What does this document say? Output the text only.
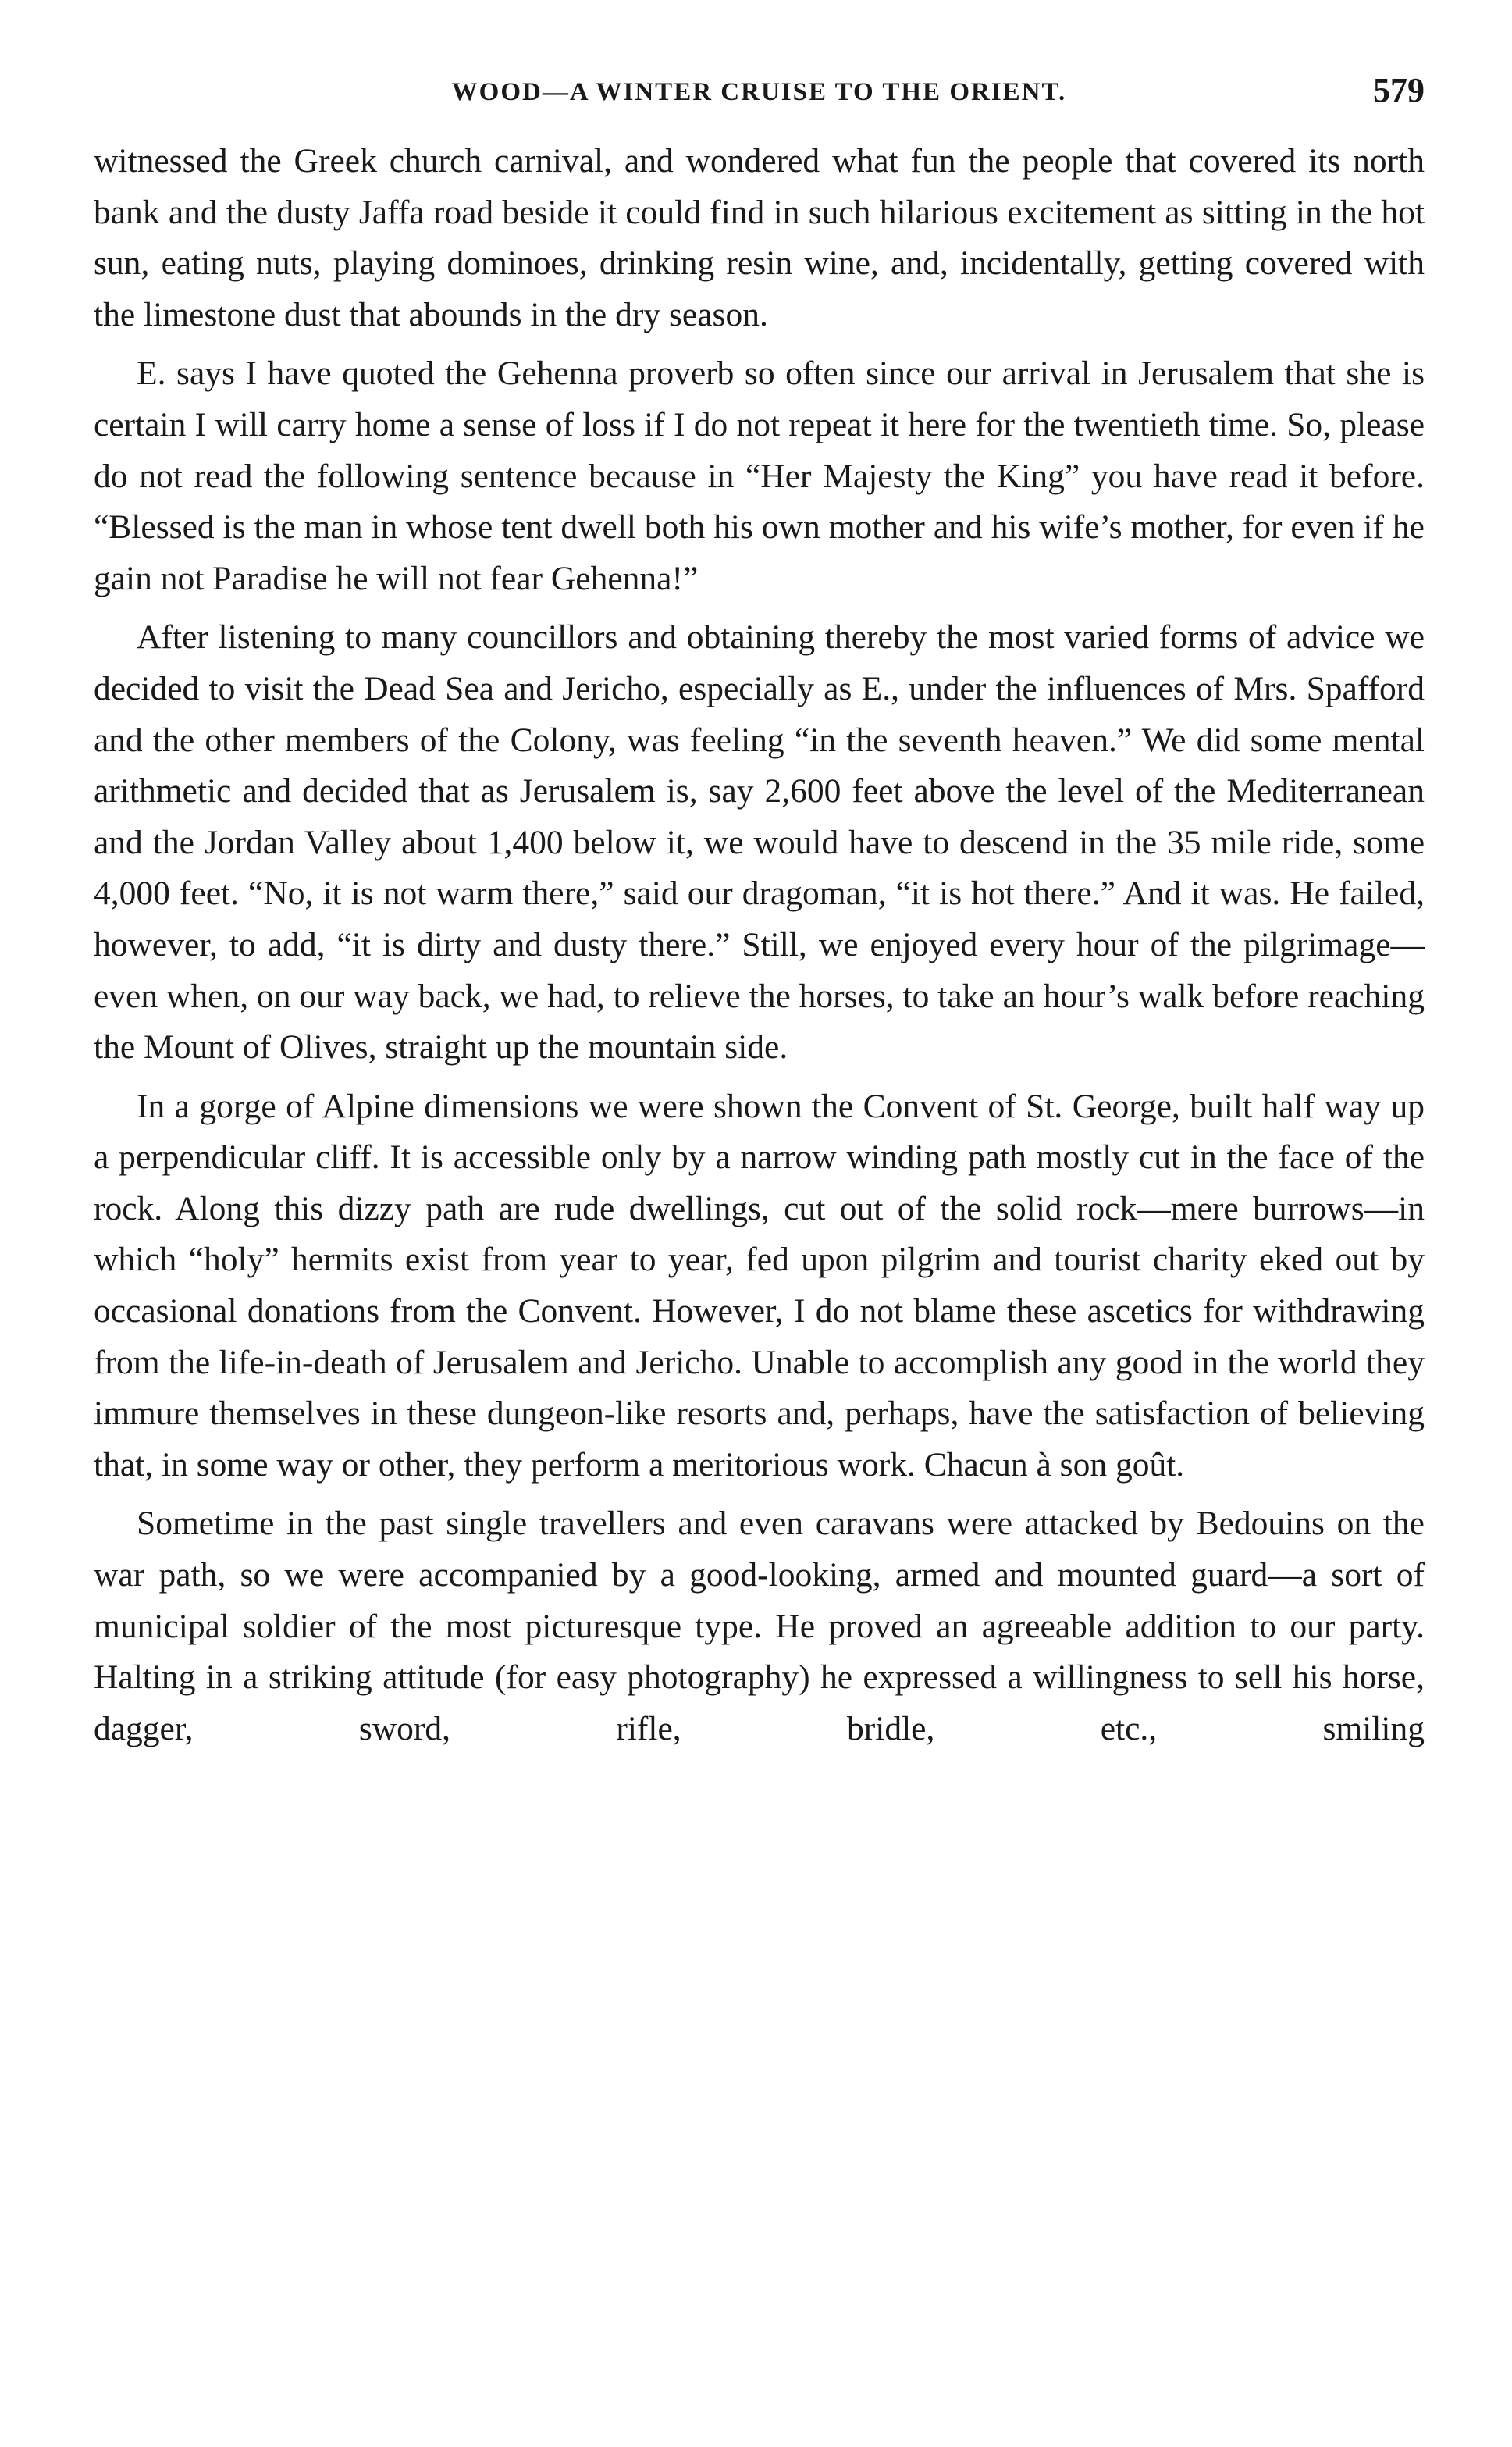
WOOD—A WINTER CRUISE TO THE ORIENT.	579

witnessed the Greek church carnival, and wondered what fun the people that covered its north bank and the dusty Jaffa road beside it could find in such hilarious excitement as sitting in the hot sun, eating nuts, playing dominoes, drinking resin wine, and, incidentally, getting covered with the limestone dust that abounds in the dry season.

E. says I have quoted the Gehenna proverb so often since our arrival in Jerusalem that she is certain I will carry home a sense of loss if I do not repeat it here for the twentieth time. So, please do not read the following sentence because in “Her Majesty the King” you have read it before. “Blessed is the man in whose tent dwell both his own mother and his wife’s mother, for even if he gain not Paradise he will not fear Gehenna!”

After listening to many councillors and obtaining thereby the most varied forms of advice we decided to visit the Dead Sea and Jericho, especially as E., under the influences of Mrs. Spafford and the other members of the Colony, was feeling “in the seventh heaven.” We did some mental arithmetic and decided that as Jerusalem is, say 2,600 feet above the level of the Mediterranean and the Jordan Valley about 1,400 below it, we would have to descend in the 35 mile ride, some 4,000 feet. “No, it is not warm there,” said our dragoman, “it is hot there.” And it was. He failed, however, to add, “it is dirty and dusty there.” Still, we enjoyed every hour of the pilgrimage—even when, on our way back, we had, to relieve the horses, to take an hour’s walk before reaching the Mount of Olives, straight up the mountain side.

In a gorge of Alpine dimensions we were shown the Convent of St. George, built half way up a perpendicular cliff. It is accessible only by a narrow winding path mostly cut in the face of the rock. Along this dizzy path are rude dwellings, cut out of the solid rock—mere burrows—in which “holy” hermits exist from year to year, fed upon pilgrim and tourist charity eked out by occasional donations from the Convent. However, I do not blame these ascetics for withdrawing from the life-in-death of Jerusalem and Jericho. Unable to accomplish any good in the world they immure themselves in these dungeon-like resorts and, perhaps, have the satisfaction of believing that, in some way or other, they perform a meritorious work. Chacun à son goût.

Sometime in the past single travellers and even caravans were attacked by Bedouins on the war path, so we were accompanied by a good-looking, armed and mounted guard—a sort of municipal soldier of the most picturesque type. He proved an agreeable addition to our party. Halting in a striking attitude (for easy photography) he expressed a willingness to sell his horse, dagger, sword, rifle, bridle, etc., smiling
